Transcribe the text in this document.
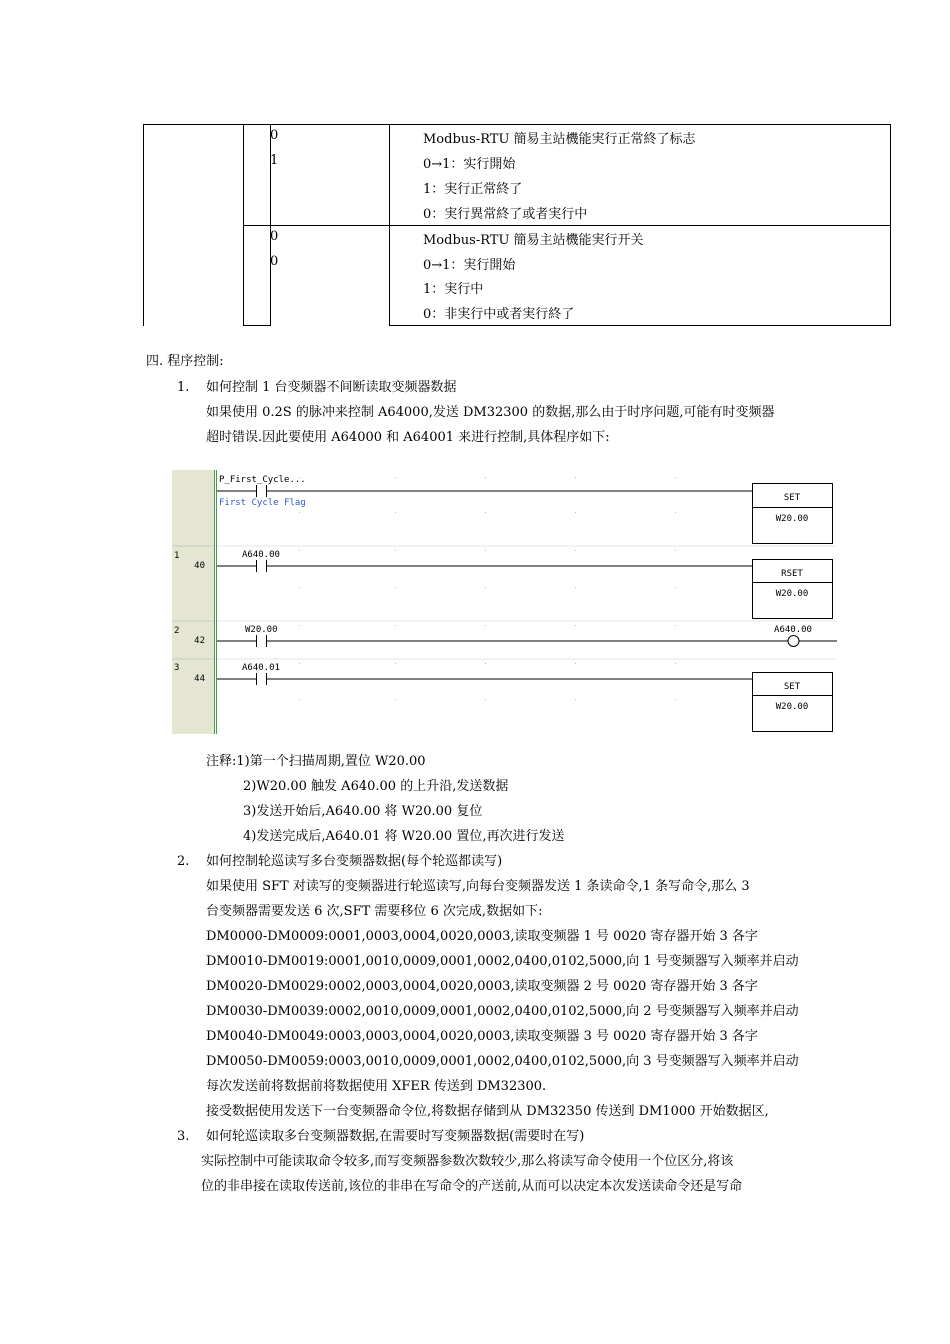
0
1
Modbus-RTU 簡易主站機能実行正常終了标志
0→1：实行開始
1：実行正常終了
0：実行異常終了或者実行中
0
0
Modbus-RTU 簡易主站機能実行开关
0→1：実行開始
1：実行中
0：非実行中或者実行終了
四. 程序控制:
1. 如何控制 1 台变频器不间断读取变频器数据
如果使用 0.2S 的脉冲来控制 A64000,发送 DM32300 的数据,那么由于时序问题,可能有时变频器
超时错误.因此要使用 A64000 和 A64001 来进行控制,具体程序如下:
P_First_Cycle...
First Cycle Flag	SET
W20.00
1
40
A640.00
RSET
W20.00
2
42
W20.00	A640.00
3
44
A640.01
SET
W20.00
注释:1)第一个扫描周期,置位 W20.00
2)W20.00 触发 A640.00 的上升沿,发送数据
3)发送开始后,A640.00 将 W20.00 复位
4)发送完成后,A640.01 将 W20.00 置位,再次进行发送
2. 如何控制轮巡读写多台变频器数据(每个轮巡都读写)
如果使用 SFT 对读写的变频器进行轮巡读写,向每台变频器发送 1 条读命令,1 条写命令,那么 3
台变频器需要发送 6 次,SFT 需要移位 6 次完成,数据如下:
DM0000-DM0009:0001,0003,0004,0020,0003,读取变频器 1 号 0020 寄存器开始 3 各字
DM0010-DM0019:0001,0010,0009,0001,0002,0400,0102,5000,向 1 号变频器写入频率并启动
DM0020-DM0029:0002,0003,0004,0020,0003,读取变频器 2 号 0020 寄存器开始 3 各字
DM0030-DM0039:0002,0010,0009,0001,0002,0400,0102,5000,向 2 号变频器写入频率并启动
DM0040-DM0049:0003,0003,0004,0020,0003,读取变频器 3 号 0020 寄存器开始 3 各字
DM0050-DM0059:0003,0010,0009,0001,0002,0400,0102,5000,向 3 号变频器写入频率并启动
每次发送前将数据前将数据使用 XFER 传送到 DM32300.
接受数据使用发送下一台变频器命令位,将数据存储到从 DM32350 传送到 DM1000 开始数据区,
3. 如何轮巡读取多台变频器数据,在需要时写变频器数据(需要时在写)
实际控制中可能读取命令较多,而写变频器参数次数较少,那么将读写命令使用一个位区分,将该
位的非串接在读取传送前,该位的非串在写命令的产送前,从而可以决定本次发送读命令还是写命
